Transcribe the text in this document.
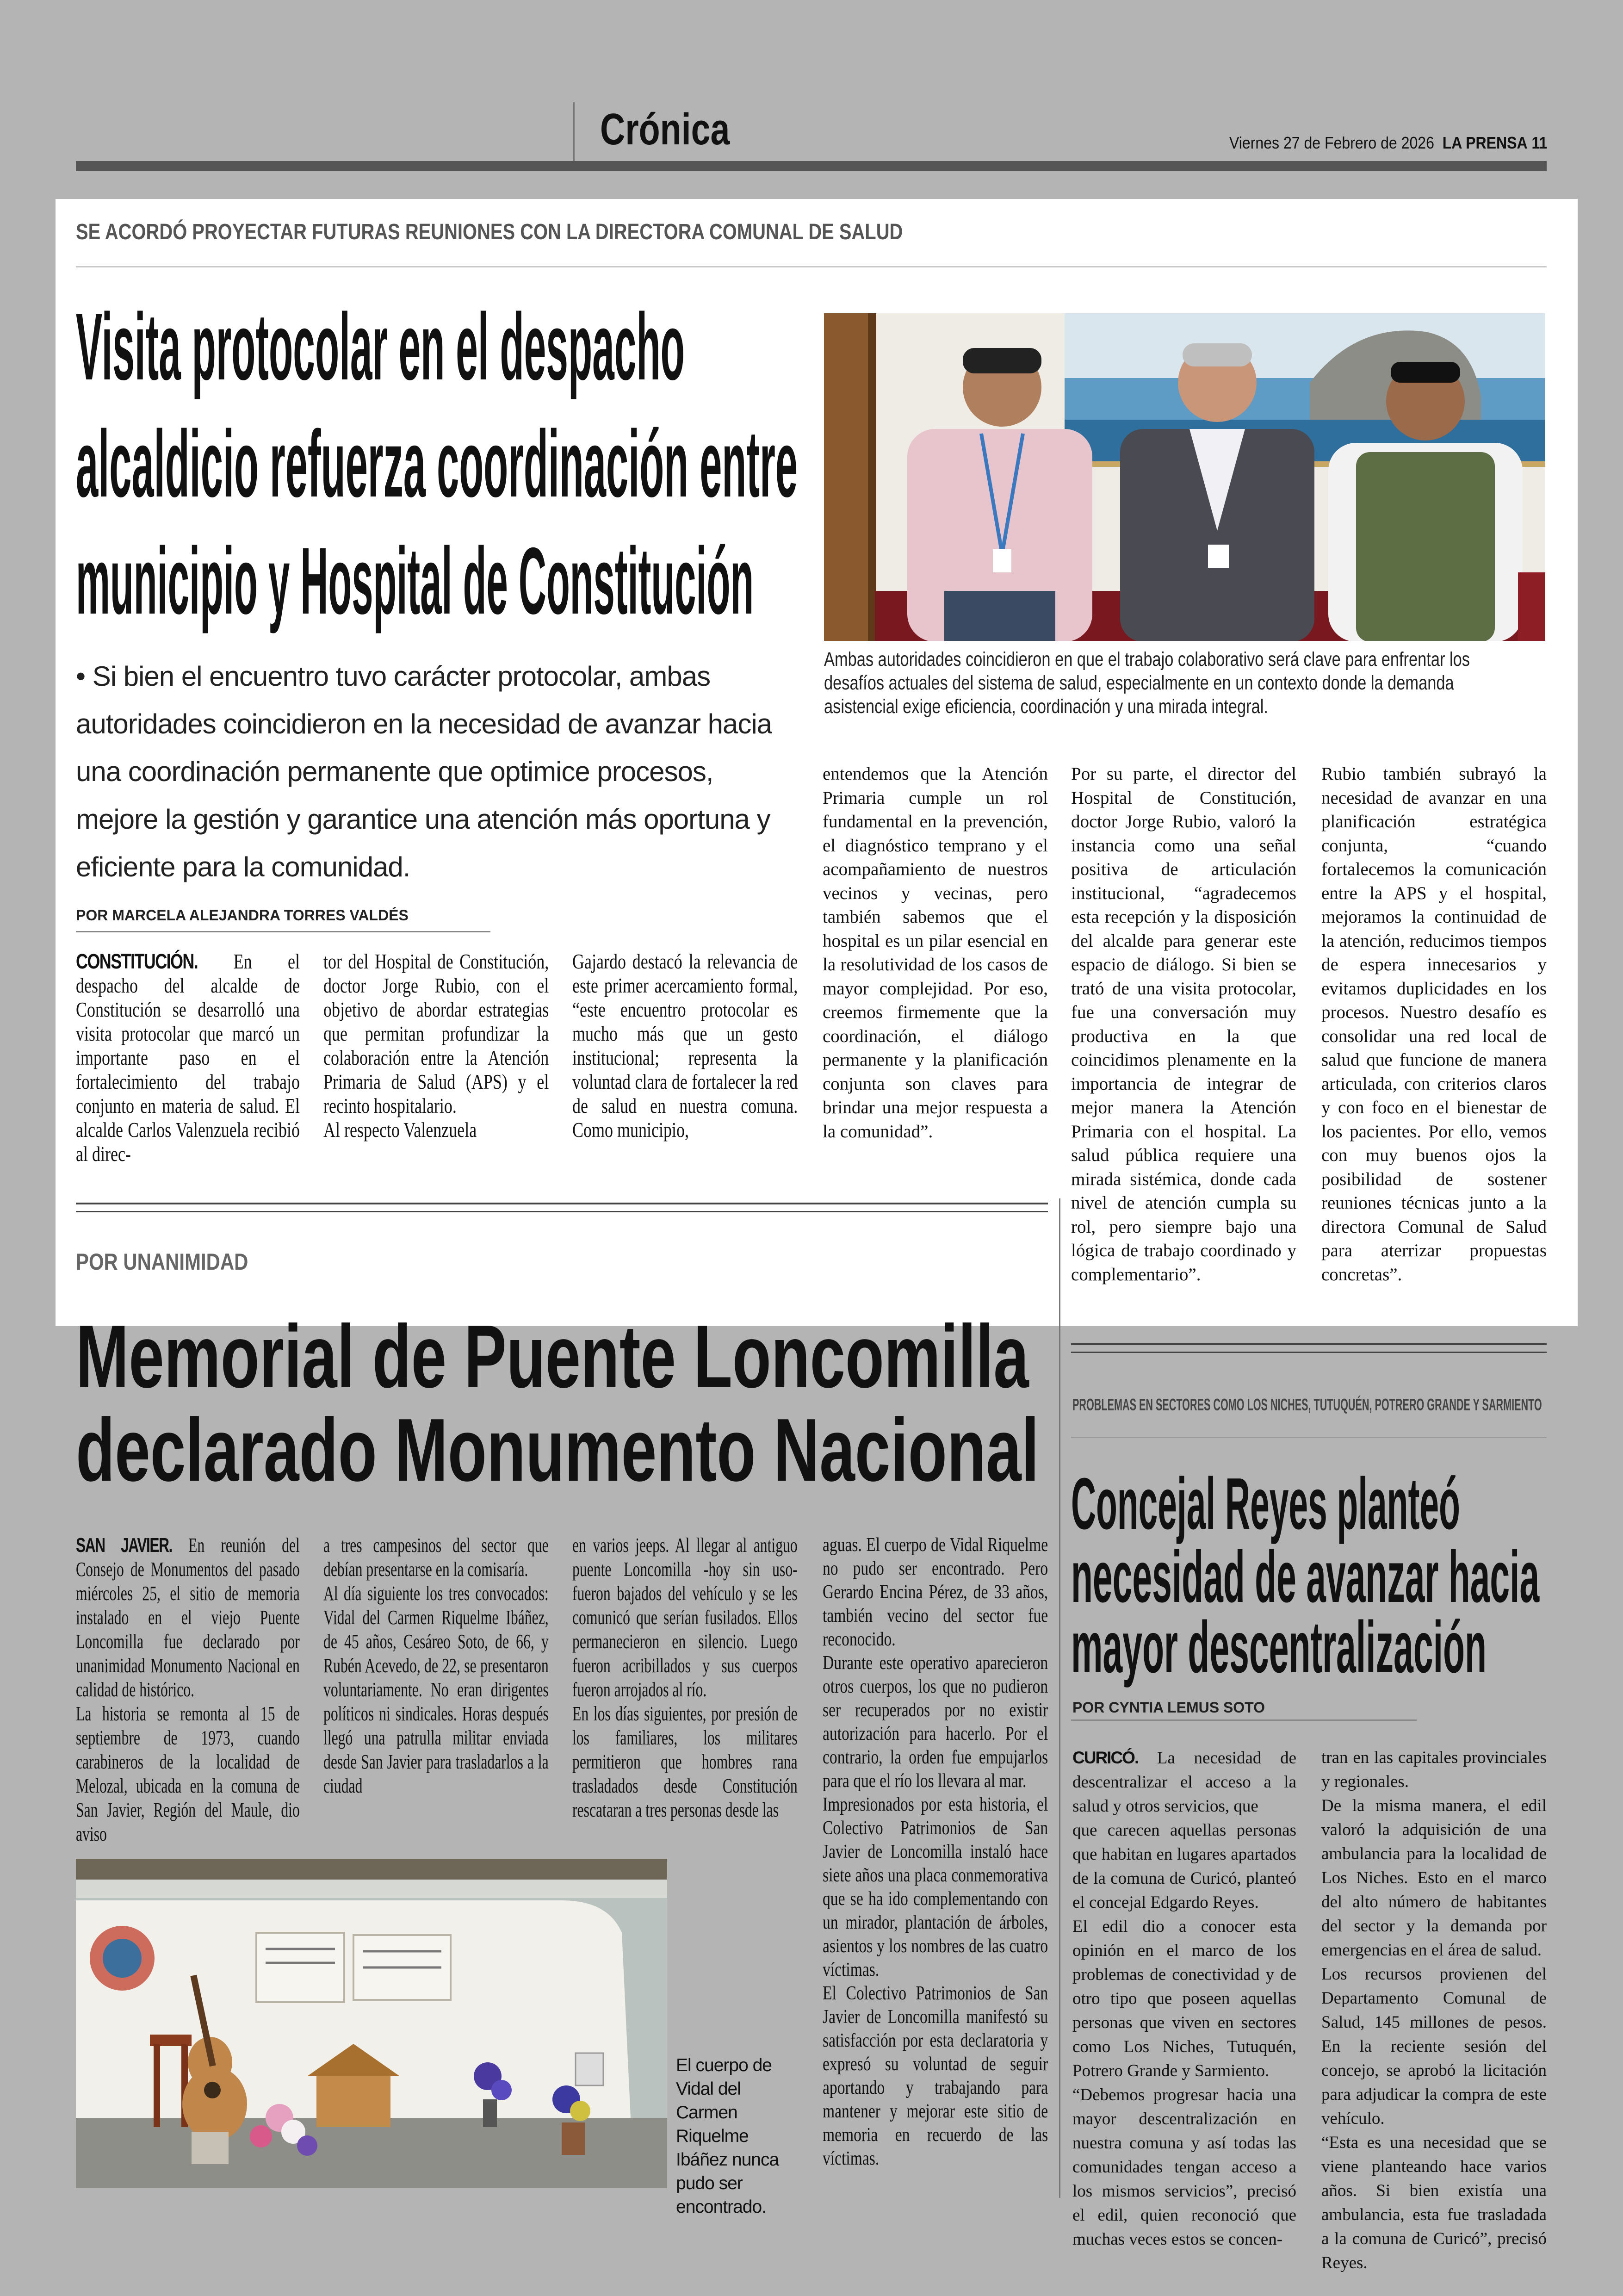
Crónica	Viernes 27 de Febrero de 2026 LA PRENSA 11
SE ACORDÓ PROYECTAR FUTURAS REUNIONES CON LA DIRECTORA COMUNAL DE SALUD
Visita protocolar en el despacho
alcaldicio refuerza coordinación entre
municipio y Hospital de Constitución
• Si bien el encuentro tuvo carácter protocolar, ambas autoridades coincidieron en la necesidad de avanzar hacia una coordinación permanente que optimice procesos, mejore la gestión y garantice una atención más oportuna y eficiente para la comunidad.
Ambas autoridades coincidieron en que el trabajo colaborativo será clave para enfrentar los desafíos actuales del sistema de salud, especialmente en un contexto donde la demanda asistencial exige eficiencia, coordinación y una mirada integral.
POR MARCELA ALEJANDRA TORRES VALDÉS

CONSTITUCIÓN. En el despacho del alcalde de Constitución se desarrolló una visita protocolar que marcó un importante paso en el fortalecimiento del trabajo conjunto en materia de salud. El alcalde Carlos Valenzuela recibió al direc-

tor del Hospital de Constitución, doctor Jorge Rubio, con el objetivo de abordar estrategias que permitan profundizar la colaboración entre la Atención Primaria de Salud (APS) y el recinto hospitalario.

Al respecto Valenzuela

Gajardo destacó la relevancia de este primer acercamiento formal, “este encuentro protocolar es mucho más que un gesto institucional; representa la voluntad clara de fortalecer la red de salud en nuestra comuna. Como municipio,

entendemos que la Atención Primaria cumple un rol fundamental en la prevención, el diagnóstico temprano y el acompañamiento de nuestros vecinos y vecinas, pero también sabemos que el hospital es un pilar esencial en la resolutividad de los casos de mayor complejidad. Por eso, creemos firmemente que la coordinación, el diálogo permanente y la planificación conjunta son claves para brindar una mejor respuesta a la comunidad”.

Por su parte, el director del Hospital de Constitución, doctor Jorge Rubio, valoró la instancia como una señal positiva de articulación institucional, “agradecemos esta recepción y la disposición del alcalde para generar este espacio de diálogo. Si bien se trató de una visita protocolar, fue una conversación muy productiva en la que coincidimos plenamente en la importancia de integrar de mejor manera la Atención Primaria con el hospital. La salud pública requiere una mirada sistémica, donde cada nivel de atención cumpla su rol, pero siempre bajo una lógica de trabajo coordinado y complementario”.

Rubio también subrayó la necesidad de avanzar en una planificación estratégica conjunta, “cuando fortalecemos la comunicación entre la APS y el hospital, mejoramos la continuidad de la atención, reducimos tiempos de espera innecesarios y evitamos duplicidades en los procesos. Nuestro desafío es consolidar una red local de salud que funcione de manera articulada, con criterios claros y con foco en el bienestar de los pacientes. Por ello, vemos con muy buenos ojos la posibilidad de sostener reuniones técnicas junto a la directora Comunal de Salud para aterrizar propuestas concretas”.

POR UNANIMIDAD
Memorial de Puente Loncomilla
declarado Monumento Nacional

SAN JAVIER. En reunión del Consejo de Monumentos del pasado miércoles 25, el sitio de memoria instalado en el viejo Puente Loncomilla fue declarado por unanimidad Monumento Nacional en calidad de histórico.

La historia se remonta al 15 de septiembre de 1973, cuando carabineros de la localidad de Melozal, ubicada en la comuna de San Javier, Región del Maule, dio aviso

a tres campesinos del sector que debían presentarse en la comisaría.

Al día siguiente los tres convocados: Vidal del Carmen Riquelme Ibáñez, de 45 años, Cesáreo Soto, de 66, y Rubén Acevedo, de 22, se presentaron voluntariamente. No eran dirigentes políticos ni sindicales. Horas después llegó una patrulla militar enviada desde San Javier para trasladarlos a la ciudad

en varios jeeps. Al llegar al antiguo puente Loncomilla -hoy sin uso- fueron bajados del vehículo y se les comunicó que serían fusilados. Ellos permanecieron en silencio. Luego fueron acribillados y sus cuerpos fueron arrojados al río.

En los días siguientes, por presión de los familiares, los militares permitieron que hombres rana trasladados desde Constitución rescataran a tres personas desde las

aguas. El cuerpo de Vidal Riquelme no pudo ser encontrado. Pero Gerardo Encina Pérez, de 33 años, también vecino del sector fue reconocido.

Durante este operativo aparecieron otros cuerpos, los que no pudieron ser recuperados por no existir autorización para hacerlo. Por el contrario, la orden fue empujarlos para que el río los llevara al mar.

Impresionados por esta historia, el Colectivo Patrimonios de San Javier de Loncomilla instaló hace siete años una placa conmemorativa que se ha ido complementando con un mirador, plantación de árboles, asientos y los nombres de las cuatro víctimas.

El Colectivo Patrimonios de San Javier de Loncomilla manifestó su satisfacción por esta declaratoria y expresó su voluntad de seguir aportando y trabajando para mantener y mejorar este sitio de memoria en recuerdo de las víctimas.

El cuerpo de Vidal del Carmen Riquelme Ibáñez nunca pudo ser encontrado.
PROBLEMAS EN SECTORES COMO LOS NICHES, TUTUQUÉN, POTRERO GRANDE Y SARMIENTO
Concejal Reyes planteó
necesidad de avanzar hacia
mayor descentralización
POR CYNTIA LEMUS SOTO

CURICÓ. La necesidad de descentralizar el acceso a la salud y otros servicios, que

que carecen aquellas personas que habitan en lugares apartados de la comuna de Curicó, planteó el concejal Edgardo Reyes.

El edil dio a conocer esta opinión en el marco de los problemas de conectividad y de otro tipo que poseen aquellas personas que viven en sectores como Los Niches, Tutuquén, Potrero Grande y Sarmiento.

“Debemos progresar hacia una mayor descentralización en nuestra comuna y así todas las comunidades tengan acceso a los mismos servicios”, precisó el edil, quien reconoció que muchas veces estos se concen-

tran en las capitales provinciales y regionales.

De la misma manera, el edil valoró la adquisición de una ambulancia para la localidad de Los Niches. Esto en el marco del alto número de habitantes del sector y la demanda por emergencias en el área de salud.

Los recursos provienen del Departamento Comunal de Salud, 145 millones de pesos. En la reciente sesión del concejo, se aprobó la licitación para adjudicar la compra de este vehículo.

“Esta es una necesidad que se viene planteando hace varios años. Si bien existía una ambulancia, esta fue trasladada a la comuna de Curicó”, precisó Reyes.
